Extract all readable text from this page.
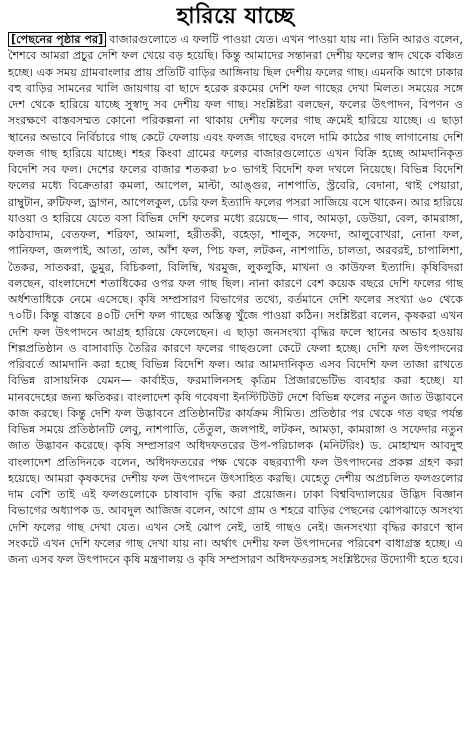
হারিয়ে যাচ্ছে

[পেছনের পৃষ্ঠার পর] বাজারগুলোতে এ ফলটি পাওয়া যেত। এখন পাওয়া যায় না। তিনি আরও বলেন, শৈশবে আমরা প্রচুর দেশি ফল খেয়ে বড় হয়েছি। কিন্তু আমাদের সন্তানরা দেশীয় ফলের স্বাদ থেকে বঞ্চিত হচ্ছে। এক সময় গ্রামবাংলার প্রায় প্রতিটি বাড়ির আঙ্গিনায় ছিল দেশীয় ফলের গাছ। এমনকি আগে ঢাকার বহু বাড়ির সামনের খালি জায়গায় বা ছাদে হরেক রকমের দেশি ফল গাছের দেখা মিলত। সময়ের সঙ্গে দেশ থেকে হারিয়ে যাচ্ছে সুস্বাদু সব দেশীয় ফল গাছ। সংশ্লিষ্টরা বলছেন, ফলের উৎপাদন, বিপণন ও সংরক্ষণে বাস্তবসম্মত কোনো পরিকল্পনা না থাকায় দেশীয় ফলের গাছ ক্রমেই হারিয়ে যাচ্ছে। এ ছাড়া স্থানের অভাবে নির্বিচারে গাছ কেটে ফেলায় এবং ফলজ গাছের বদলে দামি কাঠের গাছ লাগানোয় দেশি ফলজ গাছ হারিয়ে যাচ্ছে। শহর কিংবা গ্রামের ফলের বাজারগুলোতে এখন বিক্রি হচ্ছে আমদানিকৃত বিদেশি সব ফল। দেশের ফলের বাজার শতকরা ৮০ ভাগই বিদেশি ফল দখলে নিয়েছে। বিভিন্ন বিদেশি ফলের মধ্যে বিক্রেতারা কমলা, আপেল, মাল্টা, আঙ্গুর, নাশপাতি, স্ট্রবেরি, বেদানা, থাই পেয়ারা, রাম্বুটান, রুটিফল, ড্রাগন, আপেলকুল, চেরি ফল ইত্যাদি ফলের পসরা সাজিয়ে বসে থাকেন। আর হারিয়ে যাওয়া ও হারিয়ে যেতে বসা বিভিন্ন দেশি ফলের মধ্যে রয়েছে— গাব, আমড়া, ডেউয়া, বেল, কামরাঙ্গা, কাঠবাদাম, বেতফল, শরিফা, আমলা, হরীতকী, বহেড়া, শালুক, সফেদা, আলুবোখরা, নোনা ফল, পানিফল, জলপাই, আতা, তাল, আঁশ ফল, পিচ ফল, লটকন, নাশপাতি, চালতা, অরবরই, চাপালিশা, তৈকর, সাতকরা, ডুমুর, বিচিকলা, বিলিম্বি, খরমুজ, লুকলুকি, মাখনা ও কাউফল ইত্যাদি। কৃষিবিদরা বলছেন, বাংলাদেশে শতাধিকের ওপর ফল গাছ ছিল। নানা কারণে বেশ কয়েক বছরে দেশি ফলের গাছ অর্ধশতাধিকে নেমে এসেছে। কৃষি সম্প্রসারণ বিভাগের তথ্যে, বর্তমানে দেশি ফলের সংখ্যা ৬০ থেকে ৭০টি। কিন্তু বাস্তবে ৪০টি দেশি ফল গাছের অস্তিত্ব খুঁজে পাওয়া কঠিন। সংশ্লিষ্টরা বলেন, কৃষকরা এখন দেশি ফল উৎপাদনে আগ্রহ হারিয়ে ফেলেছেন। এ ছাড়া জনসংখ্যা বৃদ্ধির ফলে স্থানের অভাব হওয়ায় শিল্পপ্রতিষ্ঠান ও বাসাবাড়ি তৈরির কারণে ফলের গাছগুলো কেটে ফেলা হচ্ছে। দেশি ফল উৎপাদনের পরিবর্তে আমদানি করা হচ্ছে বিভিন্ন বিদেশি ফল। আর আমদানিকৃত এসব বিদেশি ফল তাজা রাখতে বিভিন্ন রাসায়নিক যেমন— কার্বাইড, ফরমালিনসহ কৃত্রিম প্রিজারভেটিভ ব্যবহার করা হচ্ছে। যা মানবদেহের জন্য ক্ষতিকর। বাংলাদেশ কৃষি গবেষণা ইনস্টিটিউট দেশে বিভিন্ন ফলের নতুন জাত উদ্ভাবনে কাজ করছে। কিন্তু দেশি ফল উদ্ভাবনে প্রতিষ্ঠানটির কার্যক্রম সীমিত। প্রতিষ্ঠার পর থেকে গত বছর পর্যন্ত বিভিন্ন সময়ে প্রতিষ্ঠানটি লেবু, নাশপাতি, তেঁতুল, জলপাই, লটকন, আমড়া, কামরাঙ্গা ও সফেদার নতুন জাত উদ্ভাবন করেছে। কৃষি সম্প্রসারণ অধিদফতরের উপ-পরিচালক (মনিটরিং) ড. মোহাম্মদ আবদুহু বাংলাদেশ প্রতিদিনকে বলেন, অধিদফতরের পক্ষ থেকে বছরব্যাপী ফল উৎপাদনের প্রকল্প গ্রহণ করা হয়েছে। আমরা কৃষকদের দেশীয় ফল উৎপাদনে উৎসাহিত করছি। যেহেতু দেশীয় অপ্রচলিত ফলগুলোর দাম বেশি তাই এই ফলগুলোকে চাষাবাদ বৃদ্ধি করা প্রয়োজন। ঢাকা বিশ্ববিদ্যালয়ের উদ্ভিদ বিজ্ঞান বিভাগের অধ্যাপক ড. আবদুল আজিজ বলেন, আগে গ্রাম ও শহরে বাড়ির পেছনের ঝোপঝাড়ে অসংখ্য দেশি ফলের গাছ দেখা যেত। এখন সেই ঝোপ নেই, তাই গাছও নেই। জনসংখ্যা বৃদ্ধির কারণে স্থান সংকটে এখন দেশি ফলের গাছ দেখা যায় না। অর্থাৎ দেশীয় ফল উৎপাদনের পরিবেশ বাধাগ্রস্ত হচ্ছে। এ জন্য এসব ফল উৎপাদনে কৃষি মন্ত্রণালয় ও কৃষি সম্প্রসারণ অধিদফতরসহ সংশ্লিষ্টদের উদ্যোগী হতে হবে।
